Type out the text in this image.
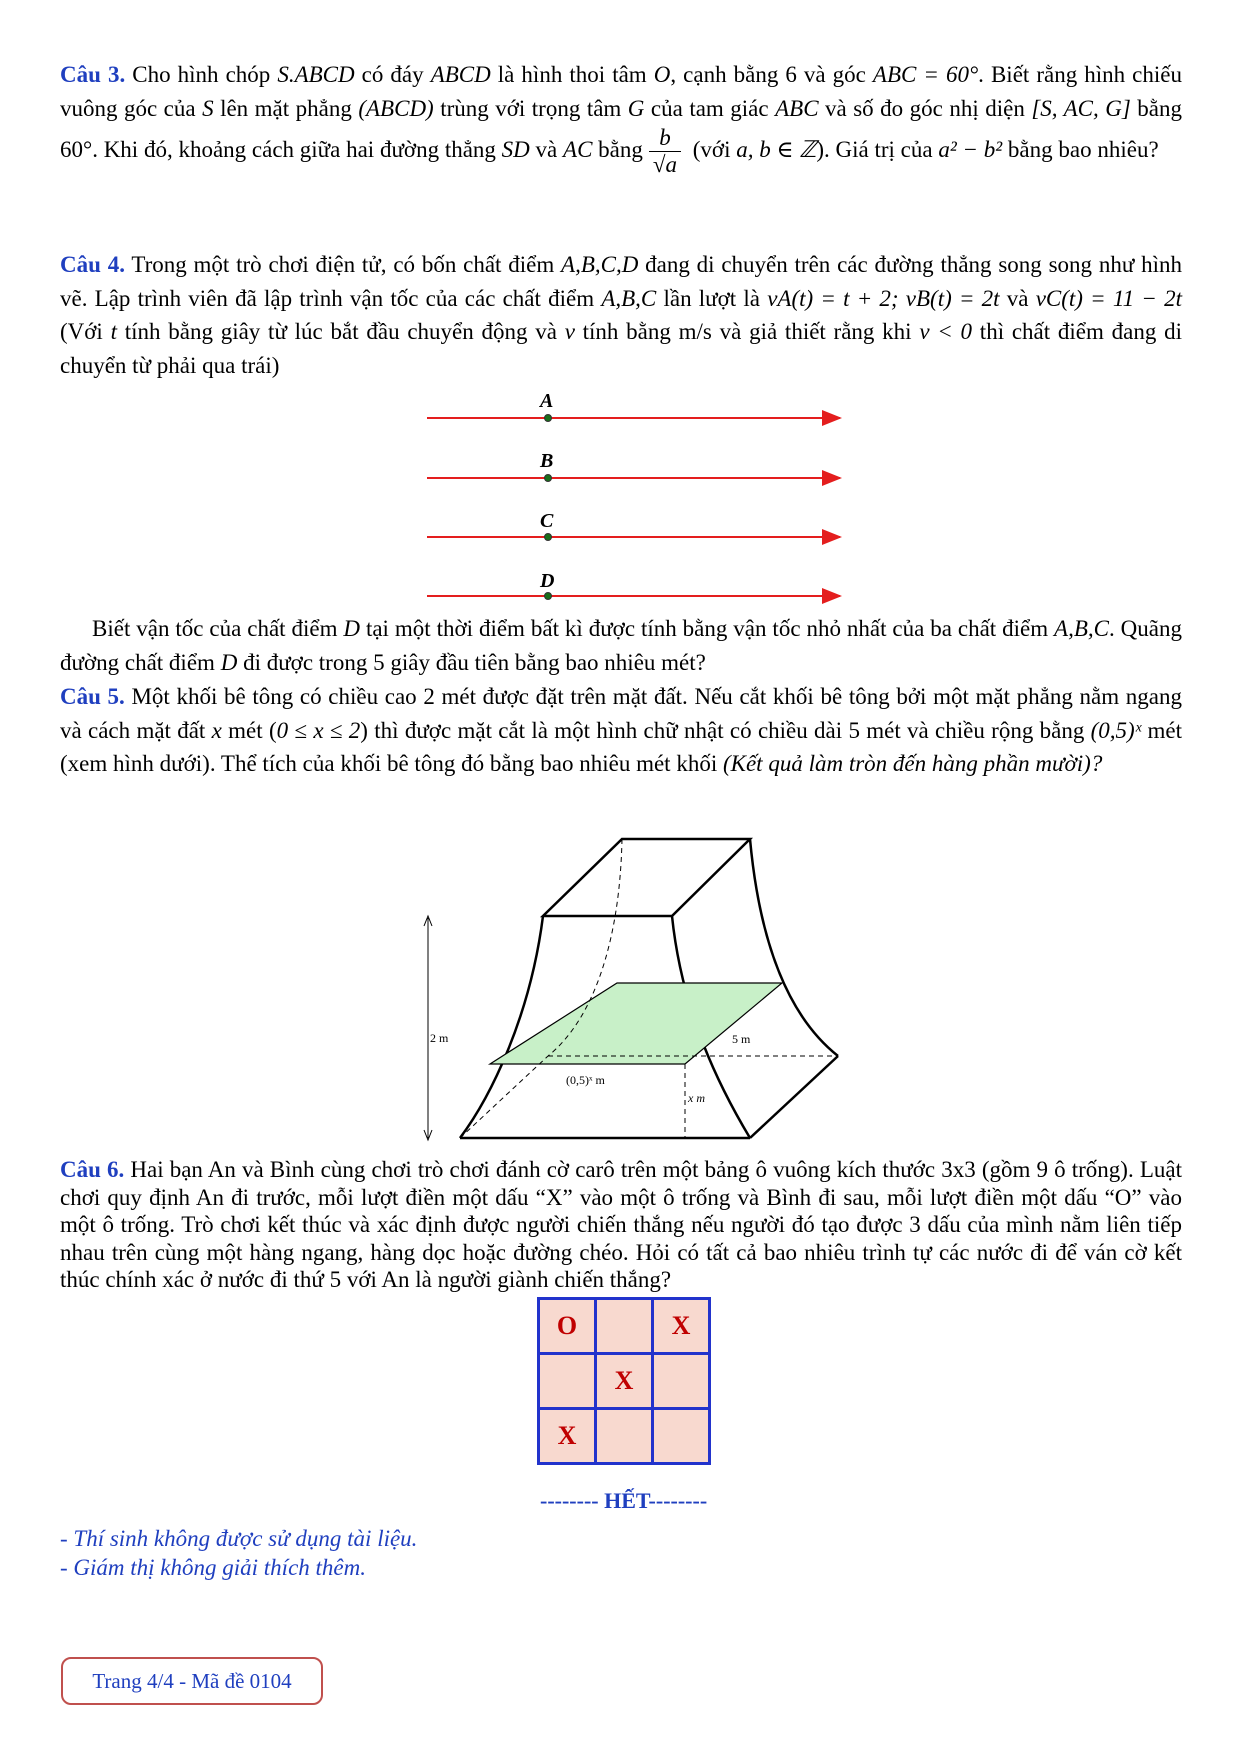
Câu 3. Cho hình chóp S.ABCD có đáy ABCD là hình thoi tâm O, cạnh bằng 6 và góc ABC = 60°. Biết rằng hình chiếu vuông góc của S lên mặt phẳng (ABCD) trùng với trọng tâm G của tam giác ABC và số đo góc nhị diện [S, AC, G] bằng 60°. Khi đó, khoảng cách giữa hai đường thẳng SD và AC bằng $\frac{b}{√a}$ (với a, b ∈ ℤ). Giá trị của a² − b² bằng bao nhiêu?
Câu 4. Trong một trò chơi điện tử, có bốn chất điểm A,B,C,D đang di chuyển trên các đường thẳng song song như hình vẽ. Lập trình viên đã lập trình vận tốc của các chất điểm A,B,C lần lượt là vA(t) = t + 2; vB(t) = 2t và vC(t) = 11 − 2t (Với t tính bằng giây từ lúc bắt đầu chuyển động và v tính bằng m/s và giả thiết rằng khi v < 0 thì chất điểm đang di chuyển từ phải qua trái)
A
B
C
D
Biết vận tốc của chất điểm D tại một thời điểm bất kì được tính bằng vận tốc nhỏ nhất của ba chất điểm A,B,C. Quãng đường chất điểm D đi được trong 5 giây đầu tiên bằng bao nhiêu mét?
Câu 5. Một khối bê tông có chiều cao 2 mét được đặt trên mặt đất. Nếu cắt khối bê tông bởi một mặt phẳng nằm ngang và cách mặt đất x mét (0 ≤ x ≤ 2) thì được mặt cắt là một hình chữ nhật có chiều dài 5 mét và chiều rộng bằng (0,5)ˣ mét (xem hình dưới). Thể tích của khối bê tông đó bằng bao nhiêu mét khối (Kết quả làm tròn đến hàng phần mười)?
2 m	5 m
(0,5)ˣ m
x m
Câu 6. Hai bạn An và Bình cùng chơi trò chơi đánh cờ carô trên một bảng ô vuông kích thước 3x3 (gồm 9 ô trống). Luật chơi quy định An đi trước, mỗi lượt điền một dấu “X” vào một ô trống và Bình đi sau, mỗi lượt điền một dấu “O” vào một ô trống. Trò chơi kết thúc và xác định được người chiến thắng nếu người đó tạo được 3 dấu của mình nằm liên tiếp nhau trên cùng một hàng ngang, hàng dọc hoặc đường chéo. Hỏi có tất cả bao nhiêu trình tự các nước đi để ván cờ kết thúc chính xác ở nước đi thứ 5 với An là người giành chiến thắng?
O		X
	X	
X		
-------- HẾT--------
- Thí sinh không được sử dụng tài liệu.
- Giám thị không giải thích thêm.
Trang 4/4 - Mã đề 0104
